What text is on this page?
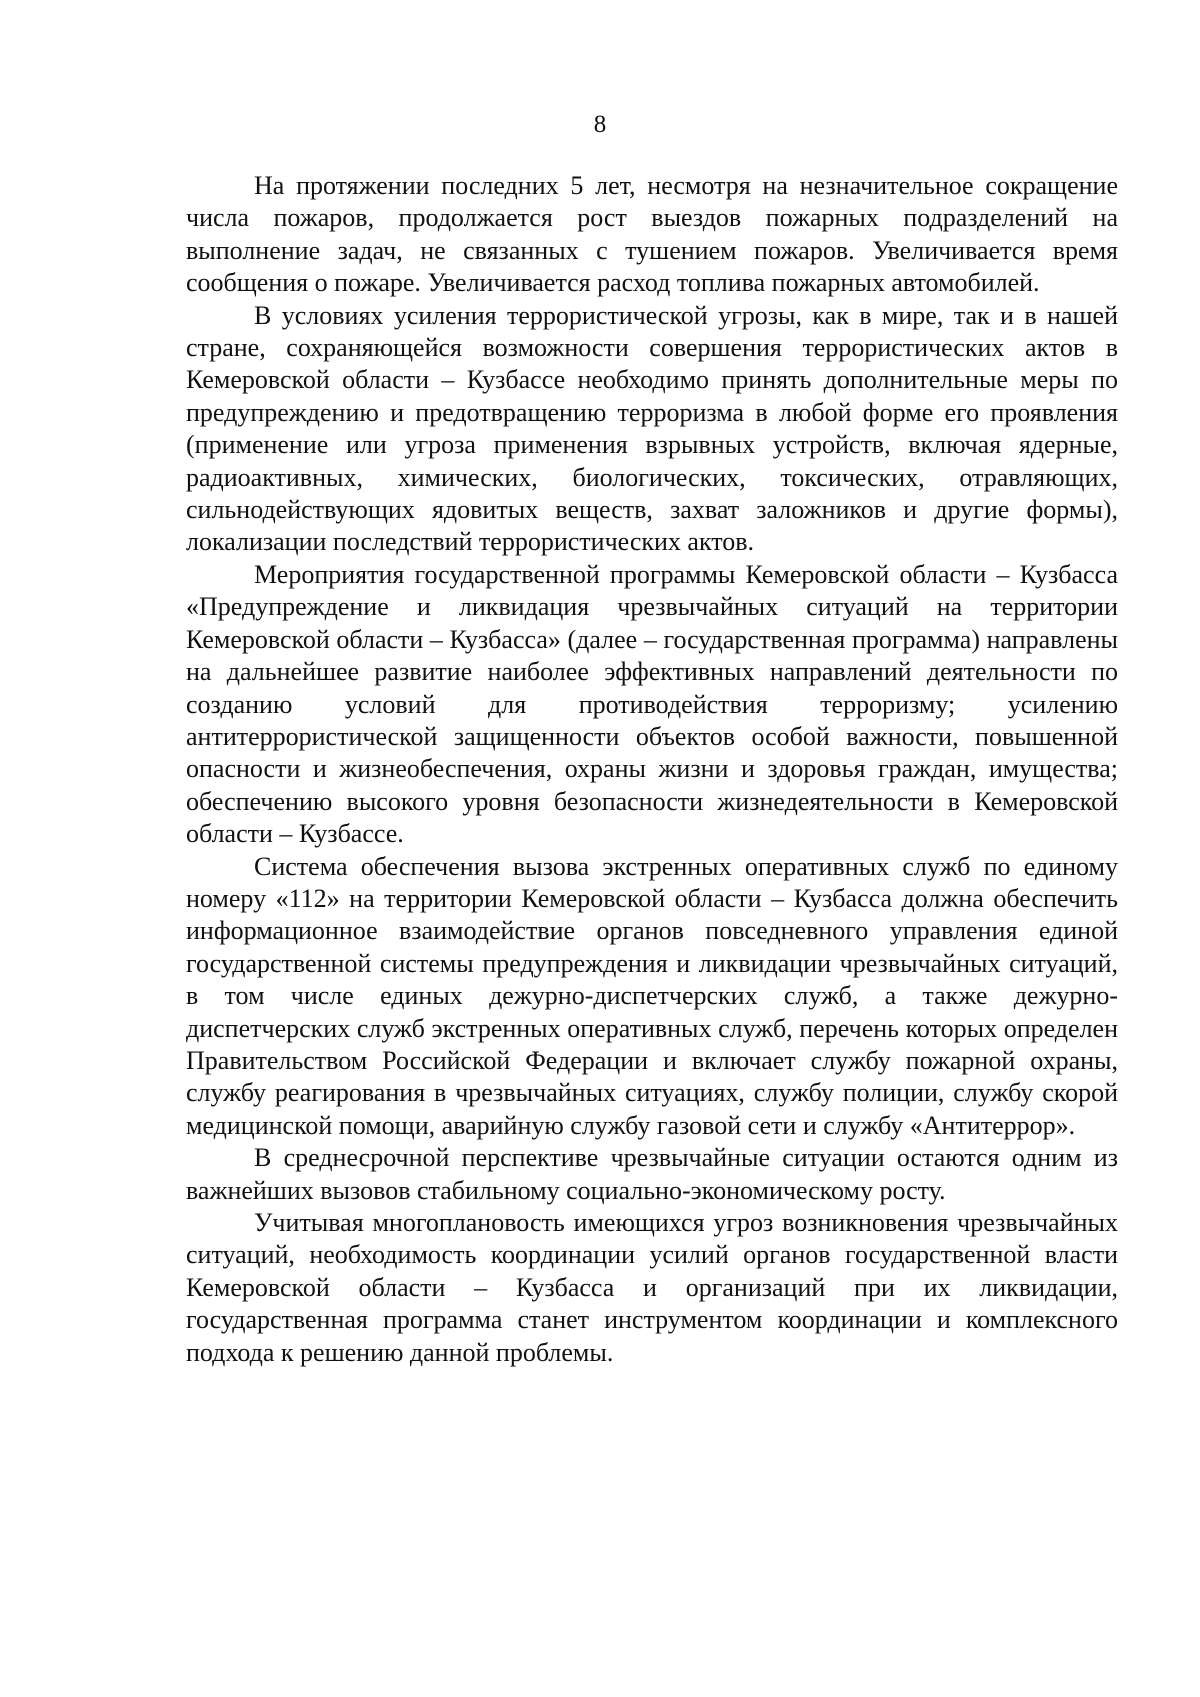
8

На протяжении последних 5 лет, несмотря на незначительное сокращение числа пожаров, продолжается рост выездов пожарных подразделений на выполнение задач, не связанных с тушением пожаров. Увеличивается время сообщения о пожаре. Увеличивается расход топлива пожарных автомобилей.

В условиях усиления террористической угрозы, как в мире, так и в нашей стране, сохраняющейся возможности совершения террористических актов в Кемеровской области – Кузбассе необходимо принять дополнительные меры по предупреждению и предотвращению терроризма в любой форме его проявления (применение или угроза применения взрывных устройств, включая ядерные, радиоактивных, химических, биологических, токсических, отравляющих, сильнодействующих ядовитых веществ, захват заложников и другие формы), локализации последствий террористических актов.

Мероприятия государственной программы Кемеровской области – Кузбасса «Предупреждение и ликвидация чрезвычайных ситуаций на территории Кемеровской области – Кузбасса» (далее – государственная программа) направлены на дальнейшее развитие наиболее эффективных направлений деятельности по созданию условий для противодействия терроризму; усилению антитеррористической защищенности объектов особой важности, повышенной опасности и жизнеобеспечения, охраны жизни и здоровья граждан, имущества; обеспечению высокого уровня безопасности жизнедеятельности в Кемеровской области – Кузбассе.

Система обеспечения вызова экстренных оперативных служб по единому номеру «112» на территории Кемеровской области – Кузбасса должна обеспечить информационное взаимодействие органов повседневного управления единой государственной системы предупреждения и ликвидации чрезвычайных ситуаций, в том числе единых дежурно-диспетчерских служб, а также дежурно-диспетчерских служб экстренных оперативных служб, перечень которых определен Правительством Российской Федерации и включает службу пожарной охраны, службу реагирования в чрезвычайных ситуациях, службу полиции, службу скорой медицинской помощи, аварийную службу газовой сети и службу «Антитеррор».

В среднесрочной перспективе чрезвычайные ситуации остаются одним из важнейших вызовов стабильному социально-экономическому росту.

Учитывая многоплановость имеющихся угроз возникновения чрезвычайных ситуаций, необходимость координации усилий органов государственной власти Кемеровской области – Кузбасса и организаций при их ликвидации, государственная программа станет инструментом координации и комплексного подхода к решению данной проблемы.
